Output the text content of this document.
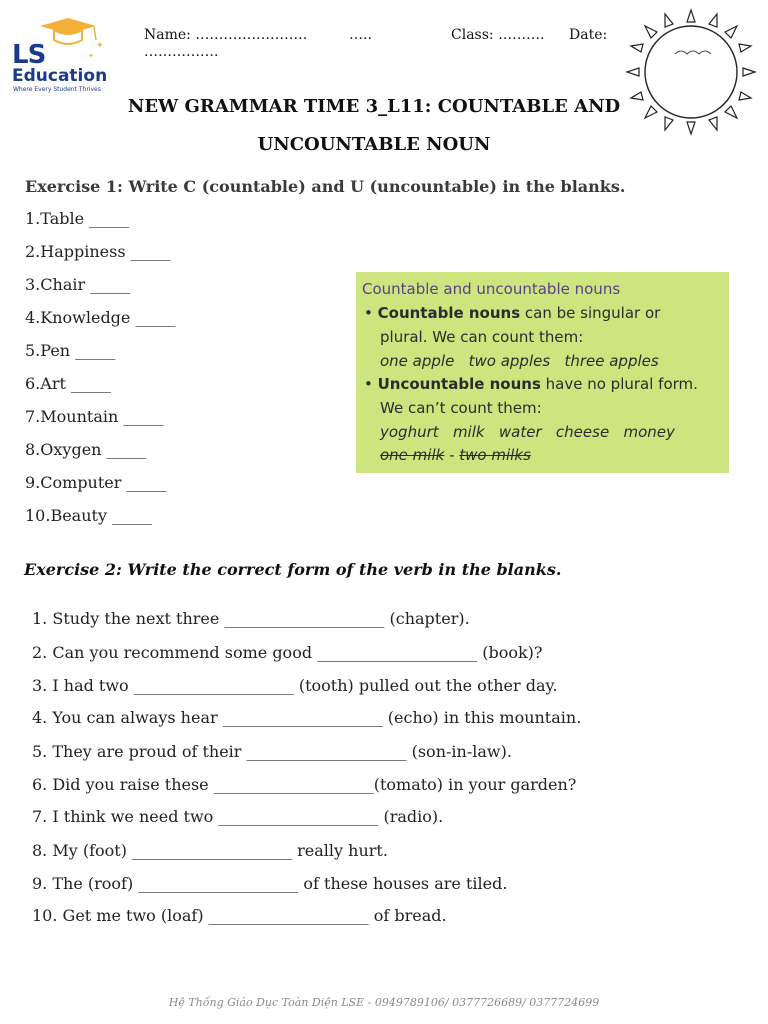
✦
✦
LS
Education
Where Every Student Thrives
Name: ……………………	…..	Class: ………. Date:
…………….
NEW GRAMMAR TIME 3_L11: COUNTABLE AND
UNCOUNTABLE NOUN
Exercise 1: Write C (countable) and U (uncountable) in the blanks.
1.Table _____
2.Happiness _____
3.Chair _____
4.Knowledge _____
5.Pen _____
6.Art _____
7.Mountain _____
8.Oxygen _____
9.Computer _____
10.Beauty _____
Countable and uncountable nouns
• Countable nouns can be singular or
plural. We can count them:
one apple   two apples   three apples
• Uncountable nouns have no plural form.
We can’t count them:
yoghurt   milk   water   cheese   money
one milk - two milks
Exercise 2: Write the correct form of the verb in the blanks.
1. Study the next three ____________________ (chapter).
2. Can you recommend some good ____________________ (book)?
3. I had two ____________________ (tooth) pulled out the other day.
4. You can always hear ____________________ (echo) in this mountain.
5. They are proud of their ____________________ (son-in-law).
6. Did you raise these ____________________(tomato) in your garden?
7. I think we need two ____________________ (radio).
8. My (foot) ____________________ really hurt.
9. The (roof) ____________________ of these houses are tiled.
10. Get me two (loaf) ____________________ of bread.
Hệ Thống Giáo Dục Toàn Diện LSE - 0949789106/ 0377726689/ 0377724699
